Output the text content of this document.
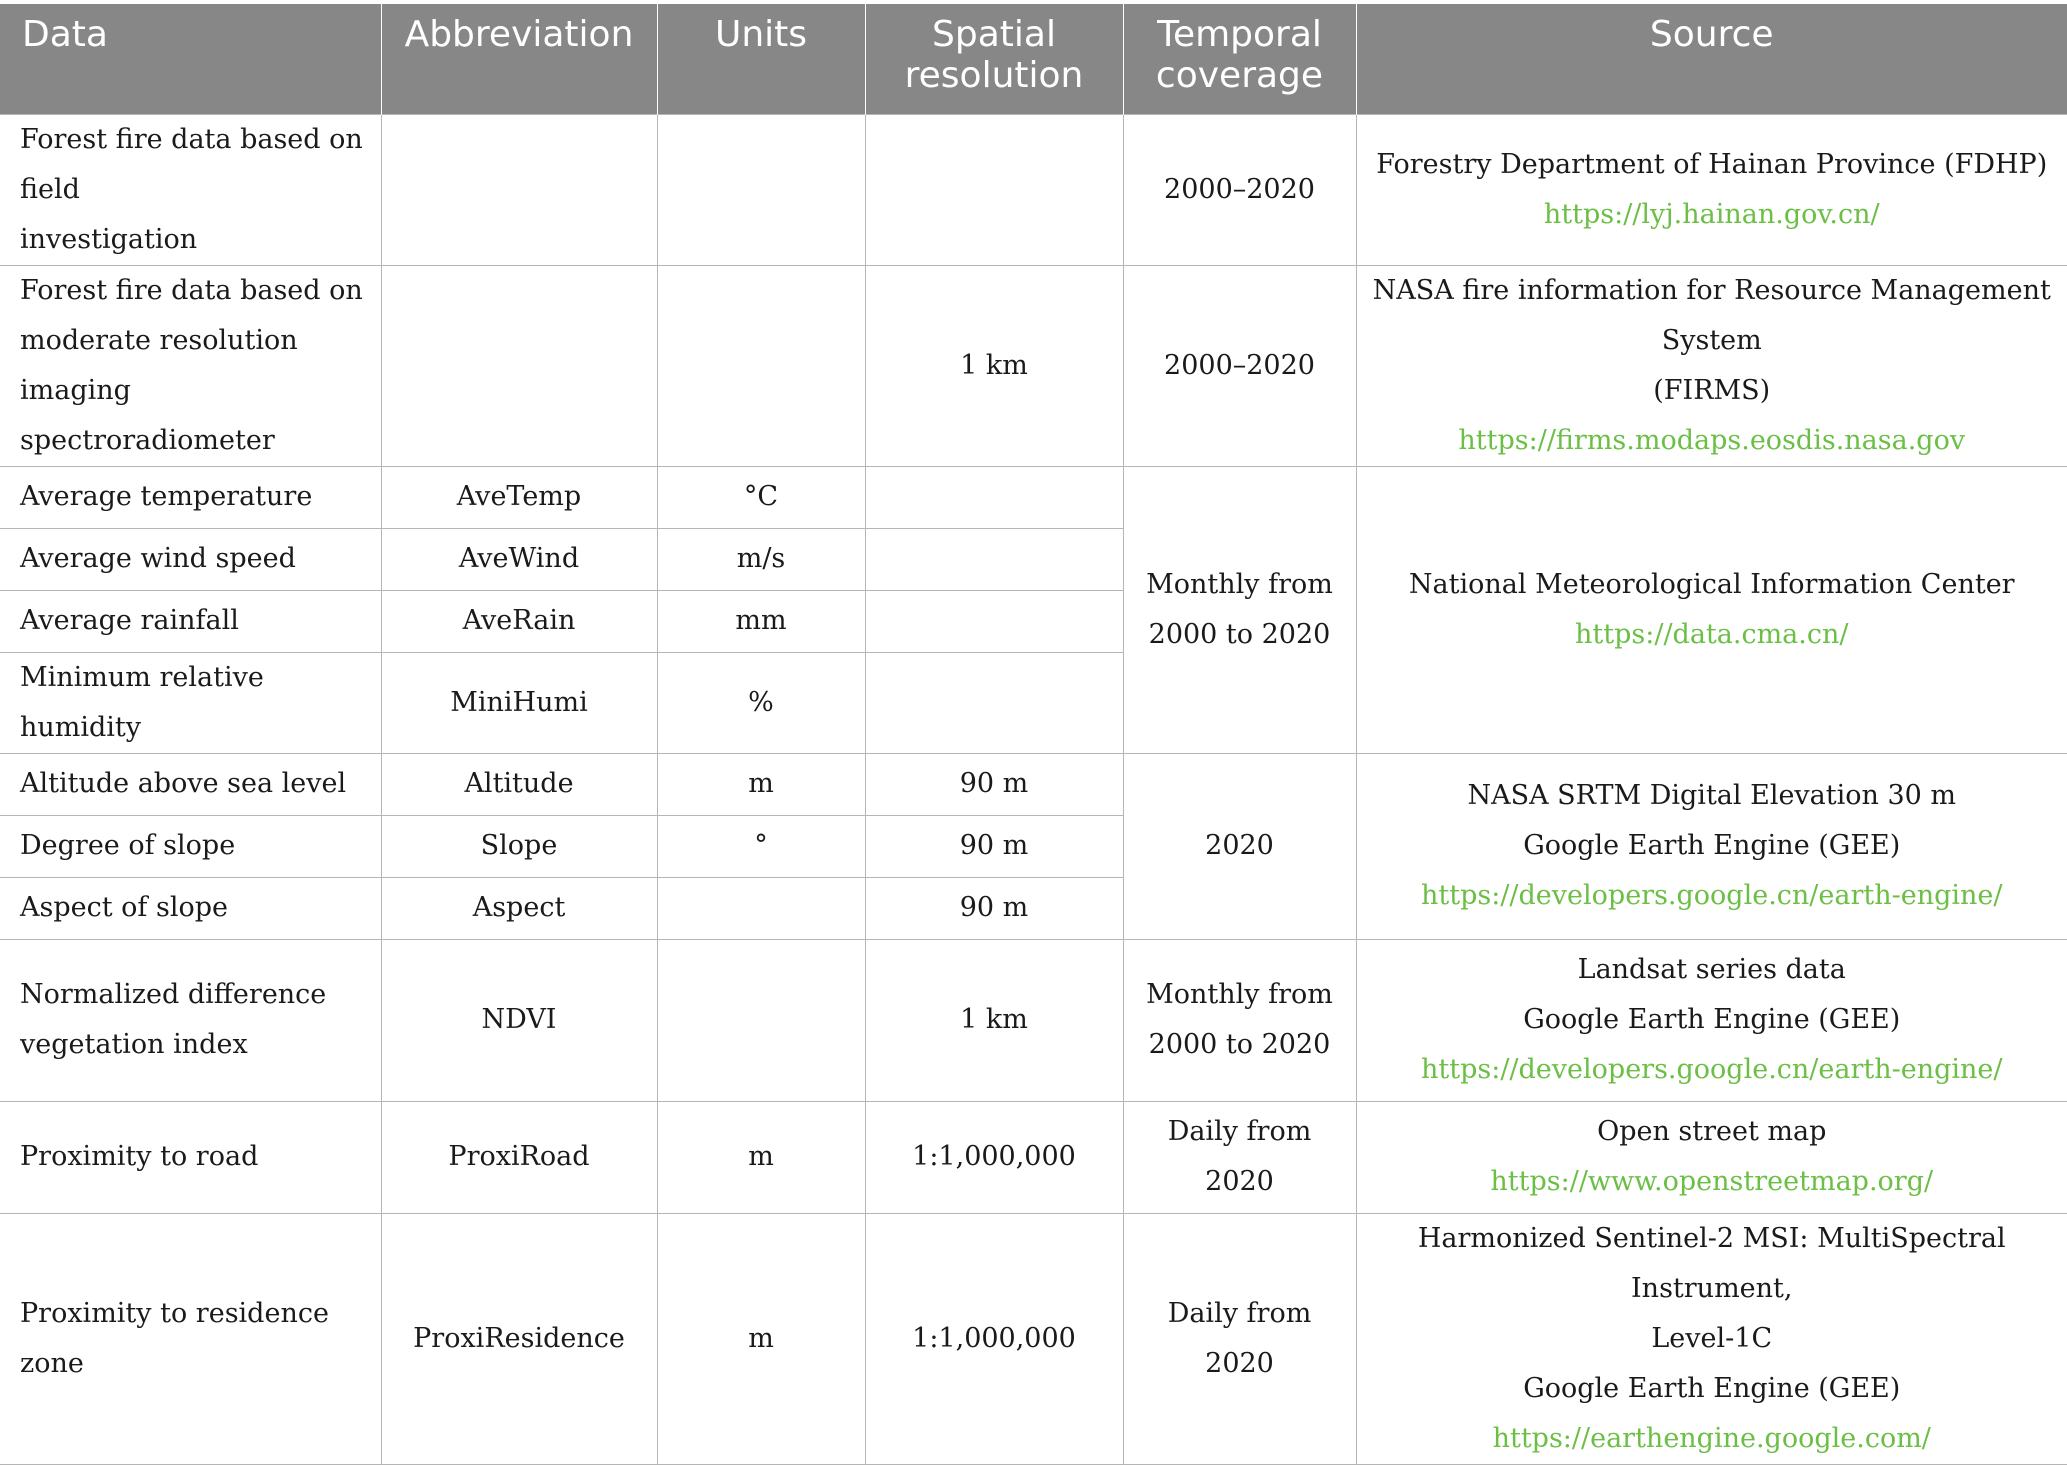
Data	Abbreviation	Units	Spatial
resolution	Temporal
coverage	Source

Forest fire data based on field
investigation				2000–2020	Forestry Department of Hainan Province (FDHP)
https://lyj.hainan.gov.cn/

Forest fire data based on
moderate resolution imaging
spectroradiometer			1 km	2000–2020	NASA fire information for Resource Management System
(FIRMS)
https://firms.modaps.eosdis.nasa.gov

Average temperature	AveTemp	°C		Monthly from
2000 to 2020	National Meteorological Information Center
https://data.cma.cn/

Average wind speed	AveWind	m/s			
Average rainfall	AveRain	mm			
Minimum relative humidity	MiniHumi	%			
Altitude above sea level	Altitude	m	90 m	2020	NASA SRTM Digital Elevation 30 m
Google Earth Engine (GEE)
https://developers.google.cn/earth-engine/

Degree of slope	Slope	°	90 m		
Aspect of slope	Aspect		90 m		

Normalized difference
vegetation index	NDVI		1 km	Monthly from
2000 to 2020	Landsat series data
Google Earth Engine (GEE)
https://developers.google.cn/earth-engine/

Proximity to road	ProxiRoad	m	1:1,000,000	Daily from 2020	Open street map
https://www.openstreetmap.org/

Proximity to residence zone	ProxiResidence	m	1:1,000,000	Daily from 2020	Harmonized Sentinel-2 MSI: MultiSpectral Instrument,
Level-1C
Google Earth Engine (GEE)
https://earthengine.google.com/
